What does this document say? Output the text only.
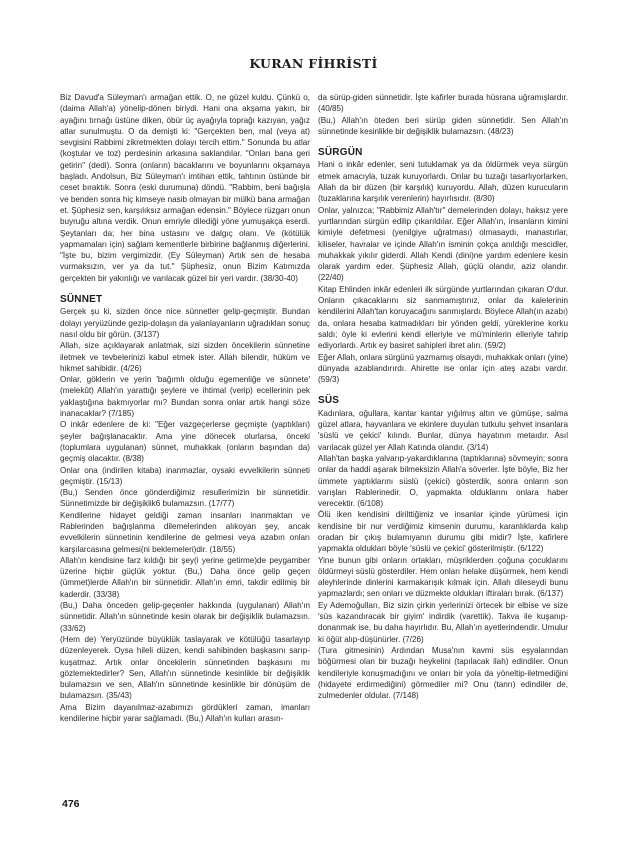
KURAN FİHRİSTİ

Biz Davud'a Süleyman'ı armağan ettik. O, ne güzel kuldu. Çünkü o, (daima Allah'a) yönelip-dönen biriydi. Hani ona akşama yakın, bir ayağını tırnağı üstüne diken, öbür üç ayağıyla toprağı kazıyan, yağız atlar sunulmuştu. O da demişti ki: "Gerçekten ben, mal (veya at) sevgisini Rabbimi zikretmekten dolayı tercih ettim." Sonunda bu atlar (koştular ve toz) perdesinin arkasına saklandılar. "Onları bana geri getirin" (dedi). Sonra (onların) bacaklarını ve boyunlarını okşamaya başladı. Andolsun, Biz Süleyman'ı imtihan ettik, tahtının üstünde bir ceset bıraktık. Sonra (eski durumuna) döndü. "Rabbim, beni bağışla ve benden sonra hiç kimseye nasib olmayan bir mülkü bana armağan et. Şüphesiz sen, karşılıksız armağan edensin." Böylece rüzgarı onun buyruğu altına verdik. Onun emriyle dilediği yöne yumuşakça eserdi. Şeytanları da; her bina ustasını ve dalgıç olanı. Ve (kötülük yapmamaları için) sağlam kementlerle birbirine bağlanmış diğerlerini. "İşte bu, bizim vergimizdir. (Ey Süleyman) Artık sen de hesaba vurmaksızın, ver ya da tut." Şüphesiz, onun Bizim Katımızda gerçekten bir yakınlığı ve varılacak güzel bir yeri vardır. (38/30-40)

SÜNNET

Gerçek şu ki, sizden önce nice sünnetler gelip-geçmiştir. Bundan dolayı yeryüzünde gezip-dolaşın da yalanlayanların uğradıkları sonuç nasıl oldu bir görün. (3/137)

Allah, size açıklayarak anlatmak, sizi sizden öncekilerin sünnetine iletmek ve tevbelerinizi kabul etmek ister. Allah bilendir, hüküm ve hikmet sahibidir. (4/26)

Onlar, göklerin ve yerin 'bağımlı olduğu egemenliğe ve sünnete' (melekût) Allah'ın yarattığı şeylere ve ihtimal (verip) ecellerinin pek yaklaştığına bakmıyorlar mı? Bundan sonra onlar artık hangi söze inanacaklar? (7/185)

O inkâr edenlere de ki: "Eğer vazgeçerlerse geçmişte (yaptıkları) şeyler bağışlanacaktır. Ama yine dönecek olurlarsa, önceki (toplumlara uygulanan) sünnet, muhakkak (onların başından da) geçmiş olacaktır. (8/38)

Onlar ona (indirilen kitaba) inanmazlar, oysaki evvelkilerin sünneti geçmiştir. (15/13)

(Bu,) Senden önce gönderdiğimiz resullerimizin bir sünnetidir. Sünnetimizde bir değişiklik6 bulamazsın. (17/77)

Kendilerine hidayet geldiği zaman insanları inanmaktan ve Rablerinden bağışlanma dilemelerinden alıkoyan şey, ancak evvelkilerin sünnetinin kendilerine de gelmesi veya azabın onları karşılarcasına gelmesi(ni beklemeleri)dir. (18/55)

Allah'ın kendisine farz kıldığı bir şey(i yerine getirme)de peygamber üzerine hiçbir güçlük yoktur. (Bu,) Daha önce gelip geçen (ümmet)lerde Allah'ın bir sünnetidir. Allah'ın emri, takdir edilmiş bir kaderdir. (33/38)

(Bu,) Daha önceden gelip-geçenler hakkında (uygulanan) Allah'ın sünnetidir. Allah'ın sünnetinde kesin olarak bir değişiklik bulamazsın. (33/62)

(Hem de) Yeryüzünde büyüklük taslayarak ve kötülüğü tasarlayıp düzenleyerek. Oysa hileli düzen, kendi sahibinden başkasını sarıp-kuşatmaz. Artık onlar öncekilerin sünnetinden başkasını mı gözlemektedirler? Sen, Allah'ın sünnetinde kesinlikle bir değişiklik bulamazsın ve sen, Allah'ın sünnetinde kesinlikle bir dönüşüm de bulamazsın. (35/43)

Ama Bizim dayanılmaz-azabımızı gördükleri zaman, imanları kendilerine hiçbir yarar sağlamadı. (Bu,) Allah'ın kulları arasın-

da sürüp-giden sünnetidir. İşte kafirler burada hüsrana uğramışlardır. (40/85)

(Bu,) Allah'ın öteden beri sürüp giden sünnetidir. Sen Allah'ın sünnetinde kesinlikle bir değişiklik bulamazsın. (48/23)

SÜRGÜN

Hani o inkâr edenler, seni tutuklamak ya da öldürmek veya sürgün etmek amacıyla, tuzak kuruyorlardı. Onlar bu tuzağı tasarlıyorlarken, Allah da bir düzen (bir karşılık) kuruyordu. Allah, düzen kurucuların (tuzaklarına karşılık verenlerin) hayırlısıdır. (8/30)

Onlar, yalnızca; "Rabbimiz Allah'tır" demelerinden dolayı, haksız yere yurtlarından sürgün edilip çıkarıldılar. Eğer Allah'ın, insanların kimini kimiyle defetmesi (yenilgiye uğratması) olmasaydı, manastırlar, kiliseler, havralar ve içinde Allah'ın isminin çokça anıldığı mescidler, muhakkak yıkılır giderdi. Allah Kendi (dini)ne yardım edenlere kesin olarak yardım eder. Şüphesiz Allah, güçlü olandır, aziz olandır. (22/40)

Kitap Ehlinden inkâr edenleri ilk sürgünde yurtlarından çıkaran O'dur. Onların çıkacaklarını siz sanmamıştınız, onlar da kalelerinin kendilerini Allah'tan koruyacağını sanmışlardı. Böylece Allah(ın azabı) da, onlara hesaba katmadıkları bir yönden geldi, yüreklerine korku saldı; öyle ki evlerini kendi elleriyle ve mü'minlerin elleriyle tahrip ediyorlardı. Artık ey basiret sahipleri ibret alın. (59/2)

Eğer Allah, onlara sürgünü yazmamış olsaydı, muhakkak onları (yine) dünyada azablandırırdı. Ahirette ise onlar için ateş azabı vardır. (59/3)

SÜS

Kadınlara, oğullara, kantar kantar yığılmış altın ve gümüşe, salma güzel atlara, hayvanlara ve ekinlere duyulan tutkulu şehvet insanlara 'süslü ve çekici' kılındı. Bunlar, dünya hayatının metaıdır. Asıl varılacak güzel yer Allah Katında olandır. (3/14)

Allah'tan başka yalvarıp-yakardıklarına (taptıklarına) sövmeyin; sonra onlar da haddi aşarak bilmeksizin Allah'a söverler. İşte böyle, Biz her ümmete yaptıklarını süslü (çekici) gösterdik, sonra onların son varışları Rablerinedir. O, yapmakta olduklarını onlara haber verecektir. (6/108)

Ölü iken kendisini dirilttiğimiz ve insanlar içinde yürümesi için kendisine bir nur verdiğimiz kimsenin durumu, karanlıklarda kalıp oradan bir çıkış bulamıyanın durumu gibi midir? İşte, kafirlere yapmakta oldukları böyle 'süslü ve çekici' gösterilmiştir. (6/122)

Yine bunun gibi onların ortakları, müşriklerden çoğuna çocuklarını öldürmeyi süslü gösterdiler. Hem onları helake düşürmek, hem kendi aleyhlerinde dinlerini karmakarışık kılmak için. Allah dileseydi bunu yapmazlardı; sen onları ve düzmekte oldukları iftiraları bırak. (6/137)

Ey Ademoğulları, Biz sizin çirkin yerlerinizi örtecek bir elbise ve size 'süs kazandıracak bir giyim' indirdik (varettik). Takva ile kuşanıp-donanmak ise, bu daha hayırlıdır. Bu, Allah'ın ayetlerindendir. Umulur ki öğüt alıp-düşünürler. (7/26)

(Tura gitmesinin) Ardından Musa'nın kavmi süs eşyalarından böğürmesi olan bir buzağı heykelini (tapılacak ilah) edindiler. Onun kendileriyle konuşmadığını ve onları bir yola da yöneltip-iletmediğini (hidayete erdirmediğini) görmediler mi? Onu (tanrı) edindiler de, zulmedenler oldular. (7/148)

476
